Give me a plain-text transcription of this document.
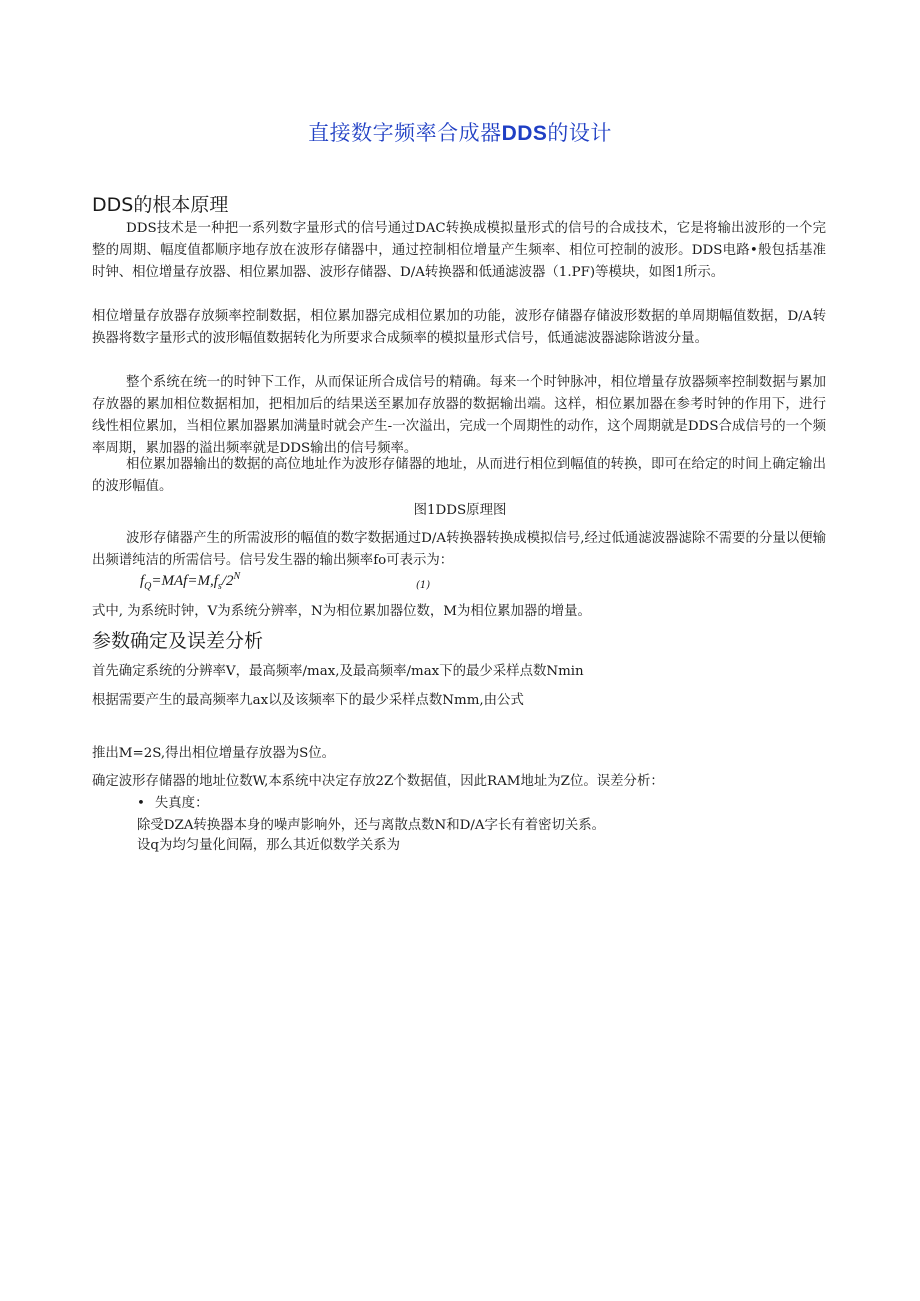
直接数字频率合成器DDS的设计
DDS的根本原理
DDS技术是一种把一系列数字量形式的信号通过DAC转换成模拟量形式的信号的合成技术，它是将输出波形的一个完整的周期、幅度值都顺序地存放在波形存储器中，通过控制相位增量产生频率、相位可控制的波形。DDS电路•般包括基准时钟、相位增量存放器、相位累加器、波形存储器、D/A转换器和低通滤波器（1.PF)等模块，如图1所示。
相位增量存放器存放频率控制数据，相位累加器完成相位累加的功能，波形存储器存储波形数据的单周期幅值数据，D/A转换器将数字量形式的波形幅值数据转化为所要求合成频率的模拟量形式信号，低通滤波器滤除谐波分量。
整个系统在统一的时钟下工作，从而保证所合成信号的精确。每来一个时钟脉冲，相位增量存放器频率控制数据与累加存放器的累加相位数据相加，把相加后的结果送至累加存放器的数据输出端。这样，相位累加器在参考时钟的作用下，进行线性相位累加，当相位累加器累加满量时就会产生-一次溢出，完成一个周期性的动作，这个周期就是DDS合成信号的一个频率周期，累加器的溢出频率就是DDS输出的信号频率。
相位累加器输出的数据的高位地址作为波形存储器的地址，从而进行相位到幅值的转换，即可在给定的时间上确定输出的波形幅值。
图1DDS原理图
波形存储器产生的所需波形的幅值的数字数据通过D/A转换器转换成模拟信号,经过低通滤波器滤除不需要的分量以便输出频谱纯洁的所需信号。信号发生器的输出频率fo可表示为：
$f_Q=MAf=M,f_s/2^N$
(1)
式中, 为系统时钟，V为系统分辨率，N为相位累加器位数，M为相位累加器的增量。
参数确定及误差分析
首先确定系统的分辨率V，最高频率/max,及最高频率/max下的最少采样点数Nmin
根据需要产生的最高频率九ax以及该频率下的最少采样点数Nmm,由公式
推出M=2S,得出相位增量存放器为S位。
确定波形存储器的地址位数W,本系统中决定存放2Z个数据值，因此RAM地址为Z位。误差分析：
• 失真度：
除受DZA转换器本身的噪声影响外，还与离散点数N和D/A字长有着密切关系。
设q为均匀量化间隔，那么其近似数学关系为
